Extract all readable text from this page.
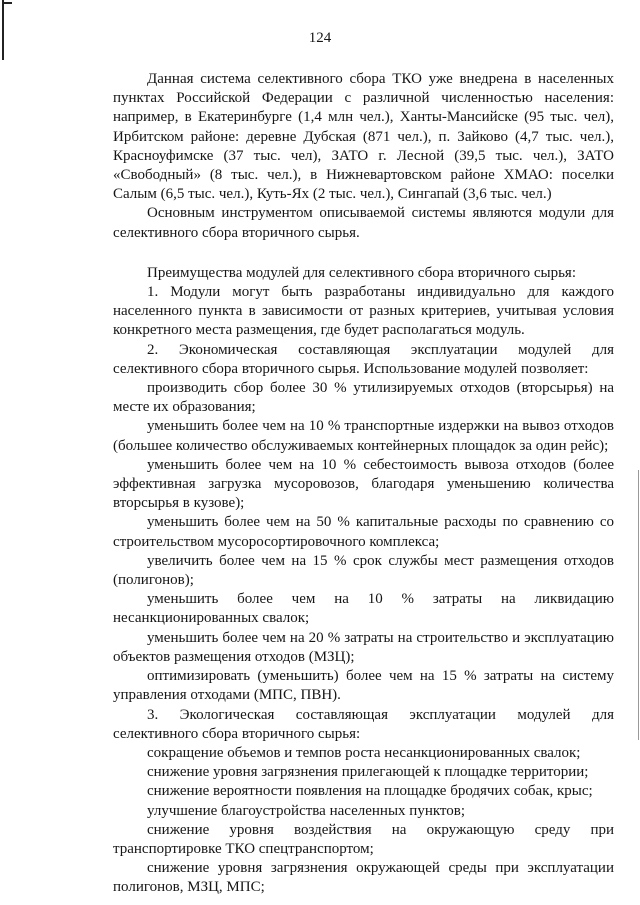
124

Данная система селективного сбора ТКО уже внедрена в населенных пунктах Российской Федерации с различной численностью населения: например, в Екатеринбурге (1,4 млн чел.), Ханты-Мансийске (95 тыс. чел), Ирбитском районе: деревне Дубская (871 чел.), п. Зайково (4,7 тыс. чел.), Красноуфимске (37 тыс. чел), ЗАТО г. Лесной (39,5 тыс. чел.), ЗАТО «Свободный» (8 тыс. чел.), в Нижневартовском районе ХМАО: поселки Салым (6,5 тыс. чел.), Куть-Ях (2 тыс. чел.), Сингапай (3,6 тыс. чел.)

Основным инструментом описываемой системы являются модули для селективного сбора вторичного сырья.

Преимущества модулей для селективного сбора вторичного сырья:

1. Модули могут быть разработаны индивидуально для каждого населенного пункта в зависимости от разных критериев, учитывая условия конкретного места размещения, где будет располагаться модуль.

2. Экономическая составляющая эксплуатации модулей для селективного сбора вторичного сырья. Использование модулей позволяет:

производить сбор более 30 % утилизируемых отходов (вторсырья) на месте их образования;

уменьшить более чем на 10 % транспортные издержки на вывоз отходов (большее количество обслуживаемых контейнерных площадок за один рейс);

уменьшить более чем на 10 % себестоимость вывоза отходов (более эффективная загрузка мусоровозов, благодаря уменьшению количества вторсырья в кузове);

уменьшить более чем на 50 % капитальные расходы по сравнению со строительством мусоросортировочного комплекса;

увеличить более чем на 15 % срок службы мест размещения отходов (полигонов);

уменьшить более чем на 10 % затраты на ликвидацию несанкционированных свалок;

уменьшить более чем на 20 % затраты на строительство и эксплуатацию объектов размещения отходов (МЗЦ);

оптимизировать (уменьшить) более чем на 15 % затраты на систему управления отходами (МПС, ПВН).

3. Экологическая составляющая эксплуатации модулей для селективного сбора вторичного сырья:

сокращение объемов и темпов роста несанкционированных свалок;

снижение уровня загрязнения прилегающей к площадке территории;

снижение вероятности появления на площадке бродячих собак, крыс;

улучшение благоустройства населенных пунктов;

снижение уровня воздействия на окружающую среду при транспортировке ТКО спецтранспортом;

снижение уровня загрязнения окружающей среды при эксплуатации полигонов, МЗЦ, МПС;
